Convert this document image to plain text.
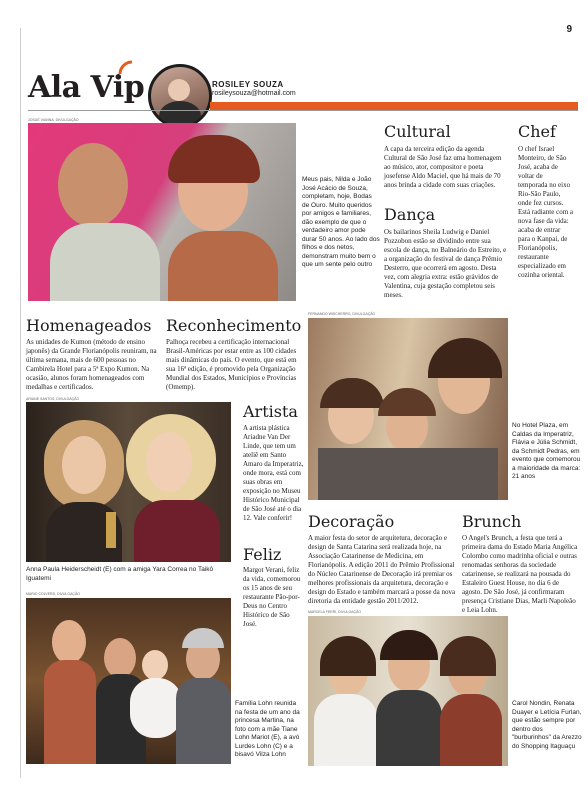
9
Ala Vip	ROSILEY SOUZA
rosileysouza@hotmail.com
JOSUÉ VIANNA, DIVULGAÇÃO
Meus pais, Nilda e João José Acácio de Souza, completam, hoje, Bodas de Ouro. Muito queridos por amigos e familiares, dão exemplo de que o verdadeiro amor pode durar 50 anos. Ao lado dos filhos e dos netos, demonstram muito bem o que um sente pelo outro
Cultural
A capa da terceira edição da agenda Cultural de São José faz uma homenagem ao músico, ator, compositor e poeta josefense Aldo Maciel, que há mais de 70 anos brinda a cidade com suas criações.
Chef
O chef Israel Monteiro, de São José, acaba de voltar de temporada no eixo Rio-São Paulo, onde fez cursos. Está radiante com a nova fase da vida: acaba de entrar para o Kanpai, de Florianópolis, restaurante especializado em cozinha oriental.
Dança
Os bailarinos Sheila Ludwig e Daniel Pozzobon estão se dividindo entre sua escola de dança, no Balneário do Estreito, e a organização do festival de dança Prêmio Desterro, que ocorrerá em agosto. Desta vez, com alegria extra: estão grávidos de Valentina, cuja gestação completou seis meses.
Homenageados
As unidades de Kumon (método de ensino japonês) da Grande Florianópolis reuniram, na última semana, mais de 600 pessoas no Cambirela Hotel para a 5ª Expo Kumon. Na ocasião, alunos foram homenageados com medalhas e certificados.
Reconhecimento
Palhoça recebeu a certificação internacional Brasil-Américas por estar entre as 100 cidades mais dinâmicas do país. O evento, que está em sua 16ª edição, é promovido pela Organização Mundial dos Estados, Municípios e Províncias (Omemp).
FERNANDO WISCHERRO, DIVULGAÇÃO
No Hotel Plaza, em Caldas da Imperatriz, Flávia e Júlia Schmidt, da Schmidt Pedras, em evento que comemorou a maioridade da marca: 21 anos
ARIANE SANTOS, DIVULGAÇÃO
Anna Paula Heiderscheidt (E) com a amiga Yara Correa no Taikô Iguatemi
Artista
A artista plástica Ariadne Van Der Linde, que tem um ateliê em Santo Amaro da Imperatriz, onde mora, está com suas obras em exposição no Museu Histórico Municipal de São José até o dia 12. Vale conferir!
Feliz
Margot Verani, feliz da vida, comemorou os 15 anos de seu restaurante Pão-por-Deus no Centro Histórico de São José.
Decoração
A maior festa do setor de arquitetura, decoração e design de Santa Catarina será realizada hoje, na Associação Catarinense de Medicina, em Florianópolis. A edição 2011 do Prêmio Profissional do Núcleo Catarinense de Decoração irá premiar os melhores profissionais da arquitetura, decoração e design do Estado e também marcará a posse da nova diretoria da entidade gestão 2011/2012.
Brunch
O Angel's Brunch, a festa que terá a primeira dama do Estado Maria Angélica Colombo como madrinha oficial e outras renomadas senhoras da sociedade catarinense, se realizará na pousada do Estaleiro Guest House, no dia 6 de agosto. De São José, já confirmaram presença Cristiane Dias, Marli Napoleão e Leia Lohn.
MARIO COLVERD, DIVULGAÇÃO
Família Lohn reunida na festa de um ano da princesa Martina, na foto com a mãe Tiane Lohn Mariot (E), a avó Lurdes Lohn (C) e a bisavó Vilza Lohn
MARCELA FERRI, DIVULGAÇÃO
Carol Nondin, Renata Duayer e Letícia Furlan, que estão sempre por dentro dos "burburinhos" da Arezzo do Shopping Itaguaçu
